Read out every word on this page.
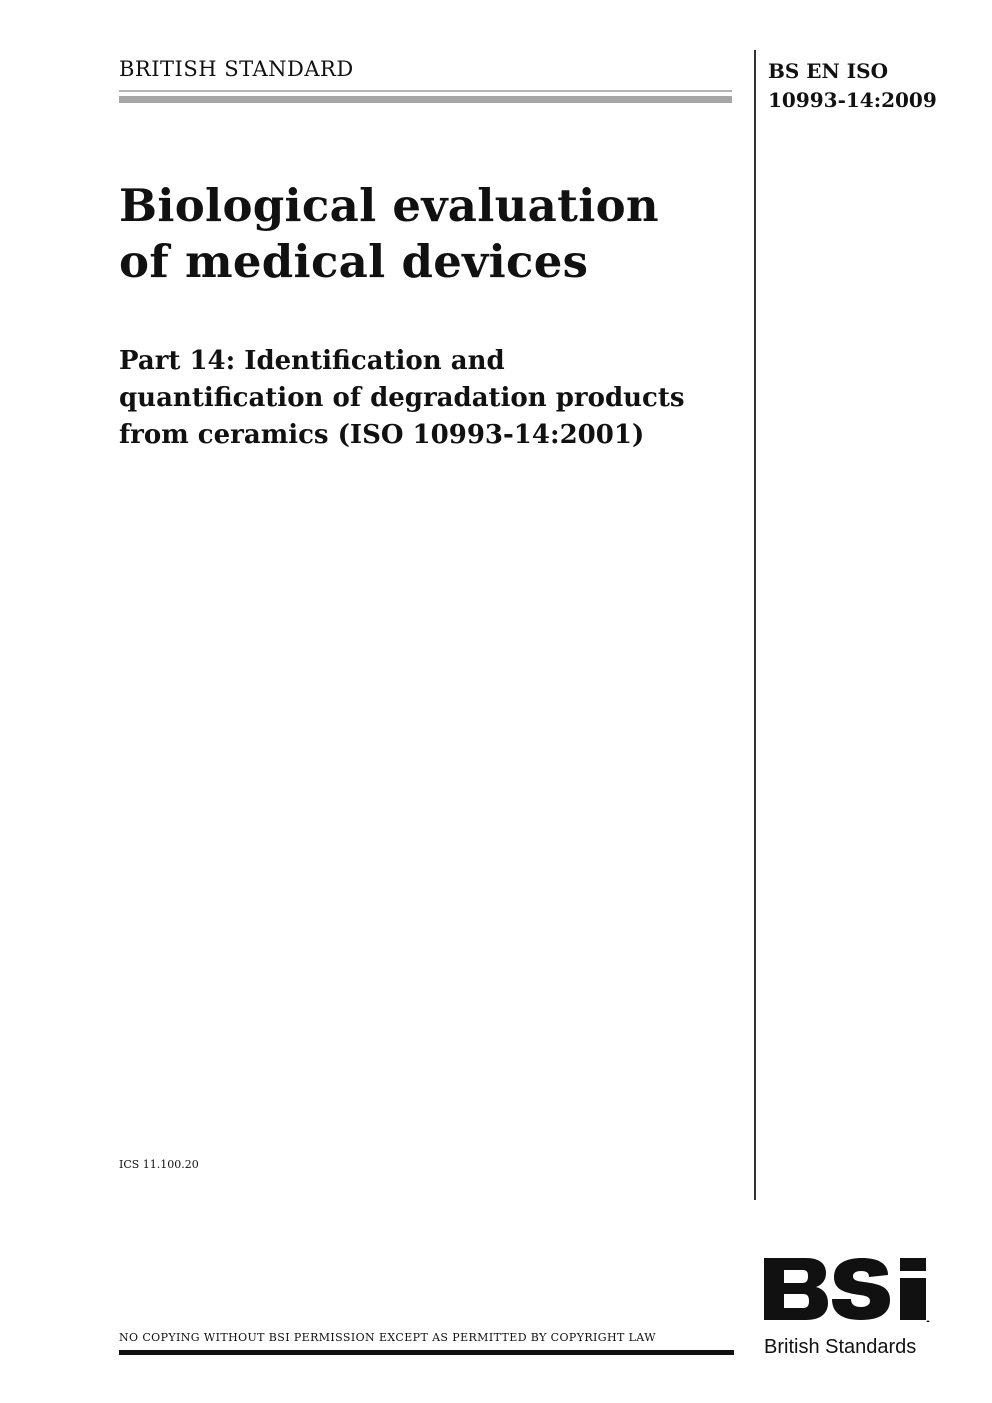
BRITISH STANDARD	BS EN ISO
10993-14:2009
Biological evaluation
of medical devices
Part 14: Identification and
quantification of degradation products
from ceramics (ISO 10993-14:2001)
ICS 11.100.20
NO COPYING WITHOUT BSI PERMISSION EXCEPT AS PERMITTED BY COPYRIGHT LAW	British Standards
